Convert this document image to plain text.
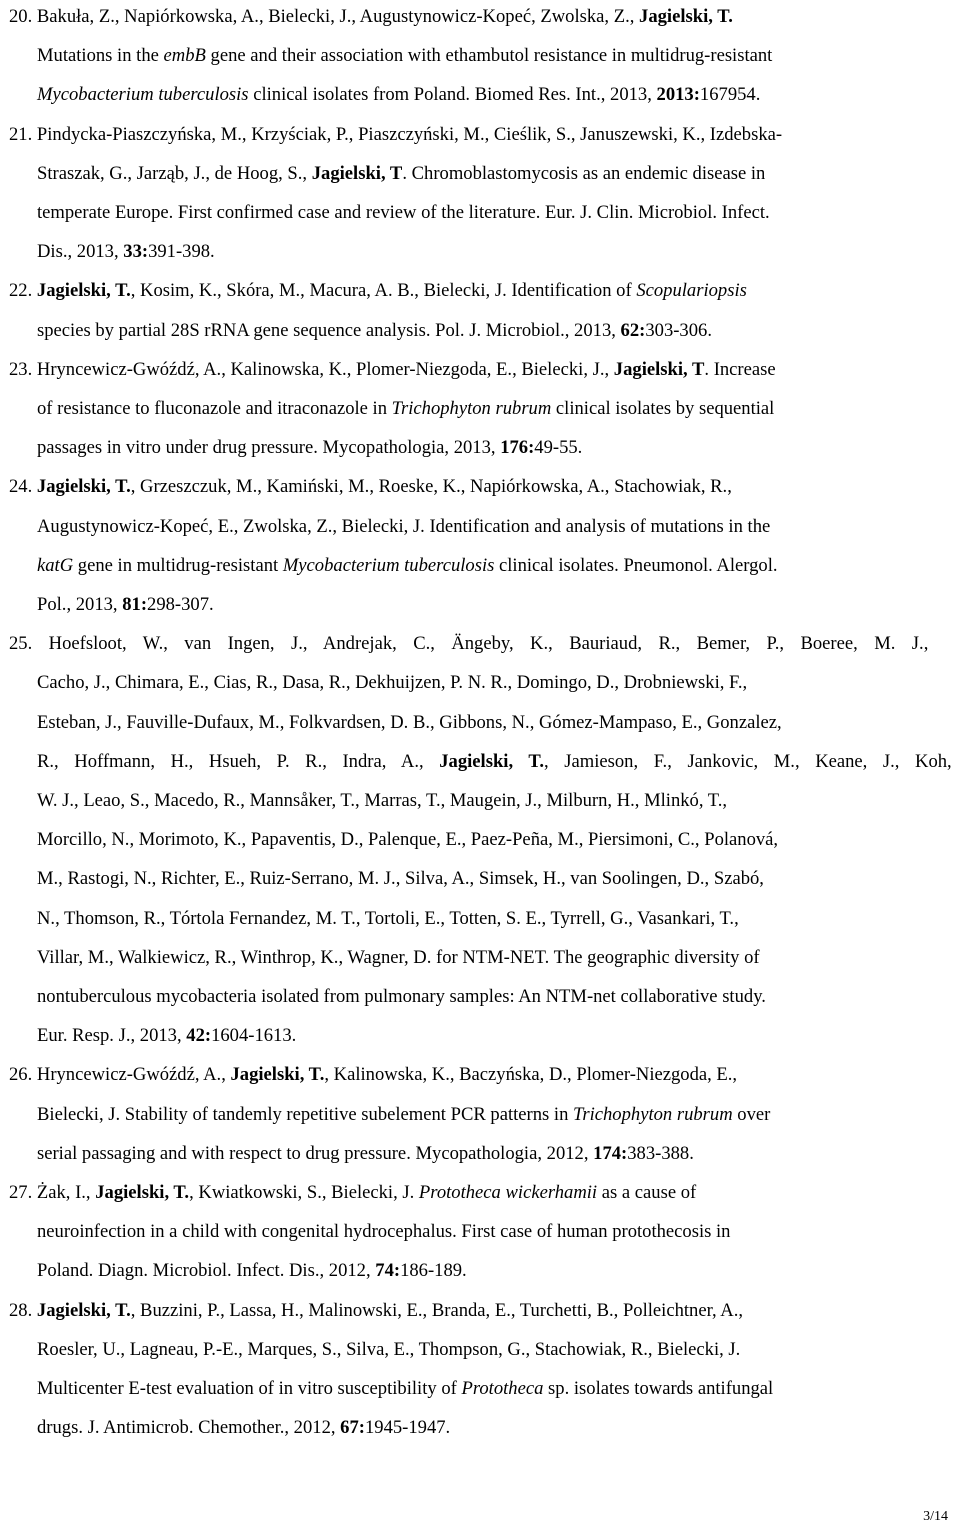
20. Bakuła, Z., Napiórkowska, A., Bielecki, J., Augustynowicz-Kopeć, Zwolska, Z., Jagielski, T.
Mutations in the embB gene and their association with ethambutol resistance in multidrug-resistant
Mycobacterium tuberculosis clinical isolates from Poland. Biomed Res. Int., 2013, 2013:167954.
21. Pindycka-Piaszczyńska, M., Krzyściak, P., Piaszczyński, M., Cieślik, S., Januszewski, K., Izdebska-
Straszak, G., Jarząb, J., de Hoog, S., Jagielski, T. Chromoblastomycosis as an endemic disease in
temperate Europe. First confirmed case and review of the literature. Eur. J. Clin. Microbiol. Infect.
Dis., 2013, 33:391-398.
22. Jagielski, T., Kosim, K., Skóra, M., Macura, A. B., Bielecki, J. Identification of Scopulariopsis
species by partial 28S rRNA gene sequence analysis. Pol. J. Microbiol., 2013, 62:303-306.
23. Hryncewicz-Gwóźdź, A., Kalinowska, K., Plomer-Niezgoda, E., Bielecki, J., Jagielski, T. Increase
of resistance to fluconazole and itraconazole in Trichophyton rubrum clinical isolates by sequential
passages in vitro under drug pressure. Mycopathologia, 2013, 176:49-55.
24. Jagielski, T., Grzeszczuk, M., Kamiński, M., Roeske, K., Napiórkowska, A., Stachowiak, R.,
Augustynowicz-Kopeć, E., Zwolska, Z., Bielecki, J. Identification and analysis of mutations in the
katG gene in multidrug-resistant Mycobacterium tuberculosis clinical isolates. Pneumonol. Alergol.
Pol., 2013, 81:298-307.
25. Hoefsloot, W., van Ingen, J., Andrejak, C., Ängeby, K., Bauriaud, R., Bemer, P., Boeree, M. J.,
Cacho, J., Chimara, E., Cias, R., Dasa, R., Dekhuijzen, P. N. R., Domingo, D., Drobniewski, F.,
Esteban, J., Fauville-Dufaux, M., Folkvardsen, D. B., Gibbons, N., Gómez-Mampaso, E., Gonzalez,
R., Hoffmann, H., Hsueh, P. R., Indra, A., Jagielski, T., Jamieson, F., Jankovic, M., Keane, J., Koh,
W. J., Leao, S., Macedo, R., Mannsåker, T., Marras, T., Maugein, J., Milburn, H., Mlinkó, T.,
Morcillo, N., Morimoto, K., Papaventis, D., Palenque, E., Paez-Peña, M., Piersimoni, C., Polanová,
M., Rastogi, N., Richter, E., Ruiz-Serrano, M. J., Silva, A., Simsek, H., van Soolingen, D., Szabó,
N., Thomson, R., Tórtola Fernandez, M. T., Tortoli, E., Totten, S. E., Tyrrell, G., Vasankari, T.,
Villar, M., Walkiewicz, R., Winthrop, K., Wagner, D. for NTM-NET. The geographic diversity of
nontuberculous mycobacteria isolated from pulmonary samples: An NTM-net collaborative study.
Eur. Resp. J., 2013, 42:1604-1613.
26. Hryncewicz-Gwóźdź, A., Jagielski, T., Kalinowska, K., Baczyńska, D., Plomer-Niezgoda, E.,
Bielecki, J. Stability of tandemly repetitive subelement PCR patterns in Trichophyton rubrum over
serial passaging and with respect to drug pressure. Mycopathologia, 2012, 174:383-388.
27. Żak, I., Jagielski, T., Kwiatkowski, S., Bielecki, J. Prototheca wickerhamii as a cause of
neuroinfection in a child with congenital hydrocephalus. First case of human protothecosis in
Poland. Diagn. Microbiol. Infect. Dis., 2012, 74:186-189.
28. Jagielski, T., Buzzini, P., Lassa, H., Malinowski, E., Branda, E., Turchetti, B., Polleichtner, A.,
Roesler, U., Lagneau, P.-E., Marques, S., Silva, E., Thompson, G., Stachowiak, R., Bielecki, J.
Multicenter E-test evaluation of in vitro susceptibility of Prototheca sp. isolates towards antifungal
drugs. J. Antimicrob. Chemother., 2012, 67:1945-1947.
3/14
